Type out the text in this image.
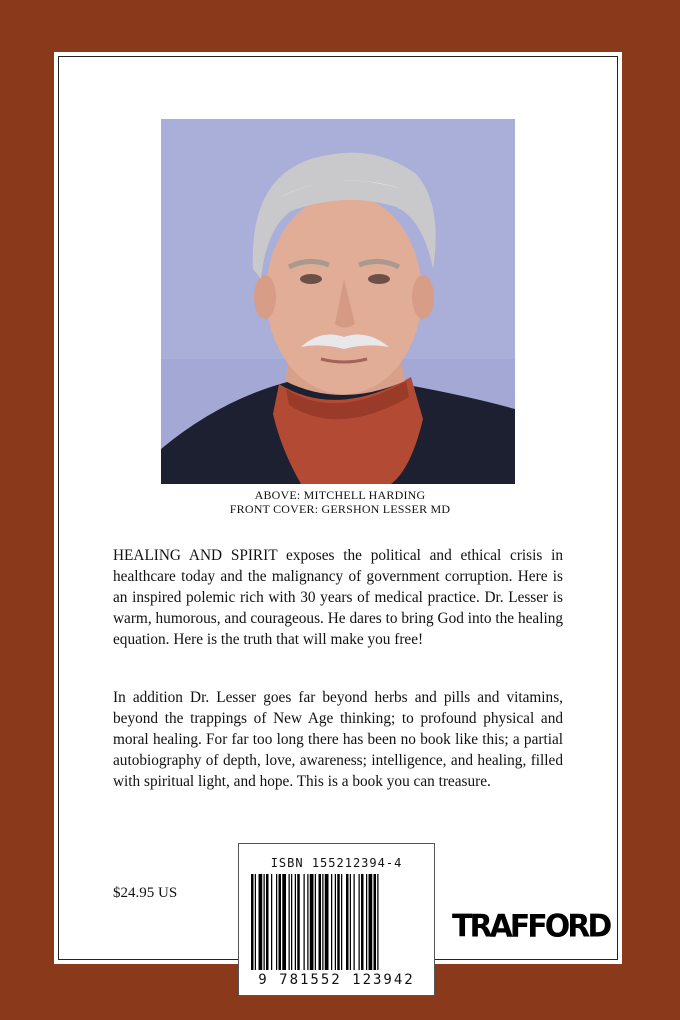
ABOVE: MITCHELL HARDING
FRONT COVER: GERSHON LESSER MD

HEALING AND SPIRIT exposes the political and ethical crisis in healthcare today and the malignancy of government corruption. Here is an inspired polemic rich with 30 years of medical practice. Dr. Lesser is warm, humorous, and courageous. He dares to bring God into the healing equation. Here is the truth that will make you free!

In addition Dr. Lesser goes far beyond herbs and pills and vitamins, beyond the trappings of New Age thinking; to profound physical and moral healing. For far too long there has been no book like this; a partial autobiography of depth, love, awareness; intelligence, and healing, filled with spiritual light, and hope. This is a book you can treasure.

$24.95 US
ISBN 155212394-4
9 781552 123942
TRAFFORD
